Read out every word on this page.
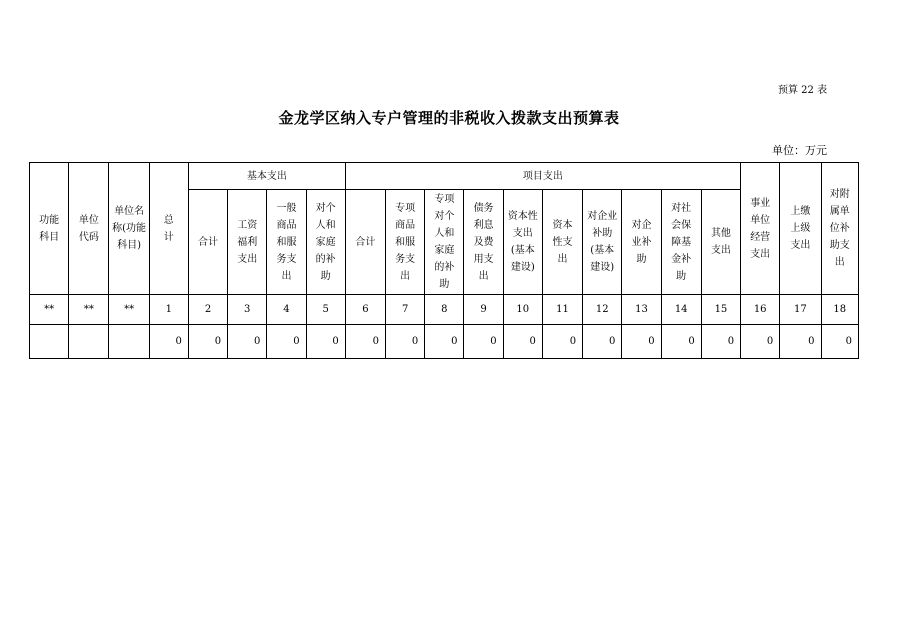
预算 22 表
金龙学区纳入专户管理的非税收入拨款支出预算表
单位：万元
功能科目	单位代码	单位名称(功能科目)	总计	基本支出				项目支出										事业单位经营支出	上缴上级支出	对附属单位补助支出
				合计	工资福利支出	一般商品和服务支出	对个人和家庭的补助	合计	专项商品和服务支出	专项对个人和家庭的补助	债务利息及费用支出	资本性支出(基本建设)	资本性支出	对企业补助(基本建设)	对企业补助	对社会保障基金补助	其他支出			
**	**	**	1	2	3	4	5	6	7	8	9	10	11	12	13	14	15	16	17	18
			0	0	0	0	0	0	0	0	0	0	0	0	0	0	0	0	0	0
